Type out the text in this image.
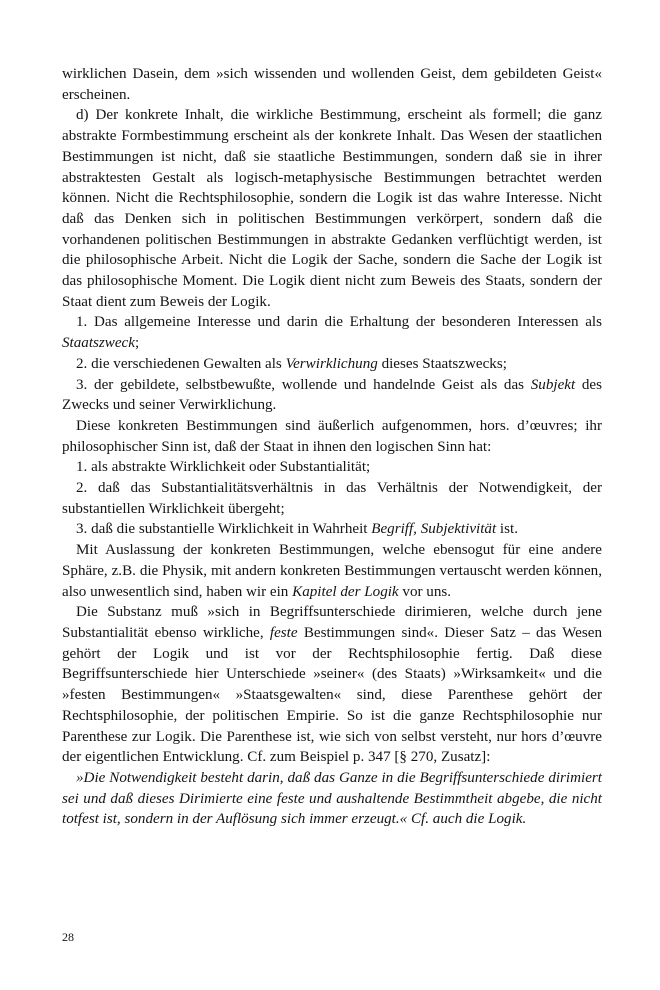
wirklichen Dasein, dem »sich wissenden und wollenden Geist, dem gebildeten Geist« erscheinen.

d) Der konkrete Inhalt, die wirkliche Bestimmung, erscheint als formell; die ganz abstrakte Formbestimmung erscheint als der konkrete Inhalt. Das Wesen der staatlichen Bestimmungen ist nicht, daß sie staatliche Bestimmungen, sondern daß sie in ihrer abstraktesten Gestalt als logisch-metaphysische Bestimmungen betrachtet werden können. Nicht die Rechtsphilosophie, sondern die Logik ist das wahre Interesse. Nicht daß das Denken sich in politischen Bestimmungen verkörpert, sondern daß die vorhandenen politischen Bestimmungen in abstrakte Gedanken verflüchtigt werden, ist die philosophische Arbeit. Nicht die Logik der Sache, sondern die Sache der Logik ist das philosophische Moment. Die Logik dient nicht zum Beweis des Staats, sondern der Staat dient zum Beweis der Logik.

1. Das allgemeine Interesse und darin die Erhaltung der besonderen Interessen als Staatszweck;

2. die verschiedenen Gewalten als Verwirklichung dieses Staatszwecks;

3. der gebildete, selbstbewußte, wollende und handelnde Geist als das Subjekt des Zwecks und seiner Verwirklichung.

Diese konkreten Bestimmungen sind äußerlich aufgenommen, hors. d’œuvres; ihr philosophischer Sinn ist, daß der Staat in ihnen den logischen Sinn hat:

1. als abstrakte Wirklichkeit oder Substantialität;

2. daß das Substantialitätsverhältnis in das Verhältnis der Notwendigkeit, der substantiellen Wirklichkeit übergeht;

3. daß die substantielle Wirklichkeit in Wahrheit Begriff, Subjektivität ist.

Mit Auslassung der konkreten Bestimmungen, welche ebensogut für eine andere Sphäre, z.B. die Physik, mit andern konkreten Bestimmungen vertauscht werden können, also unwesentlich sind, haben wir ein Kapitel der Logik vor uns.

Die Substanz muß »sich in Begriffsunterschiede dirimieren, welche durch jene Substantialität ebenso wirkliche, feste Bestimmungen sind«. Dieser Satz – das Wesen gehört der Logik und ist vor der Rechtsphilosophie fertig. Daß diese Begriffsunterschiede hier Unterschiede »seiner« (des Staats) »Wirksamkeit« und die »festen Bestimmungen« »Staatsgewalten« sind, diese Parenthese gehört der Rechtsphilosophie, der politischen Empirie. So ist die ganze Rechtsphilosophie nur Parenthese zur Logik. Die Parenthese ist, wie sich von selbst versteht, nur hors d’œuvre der eigentlichen Entwicklung. Cf. zum Beispiel p. 347 [§ 270, Zusatz]:

»Die Notwendigkeit besteht darin, daß das Ganze in die Begriffsunterschiede dirimiert sei und daß dieses Dirimierte eine feste und aushaltende Bestimmtheit abgebe, die nicht totfest ist, sondern in der Auflösung sich immer erzeugt.« Cf. auch die Logik.

28
